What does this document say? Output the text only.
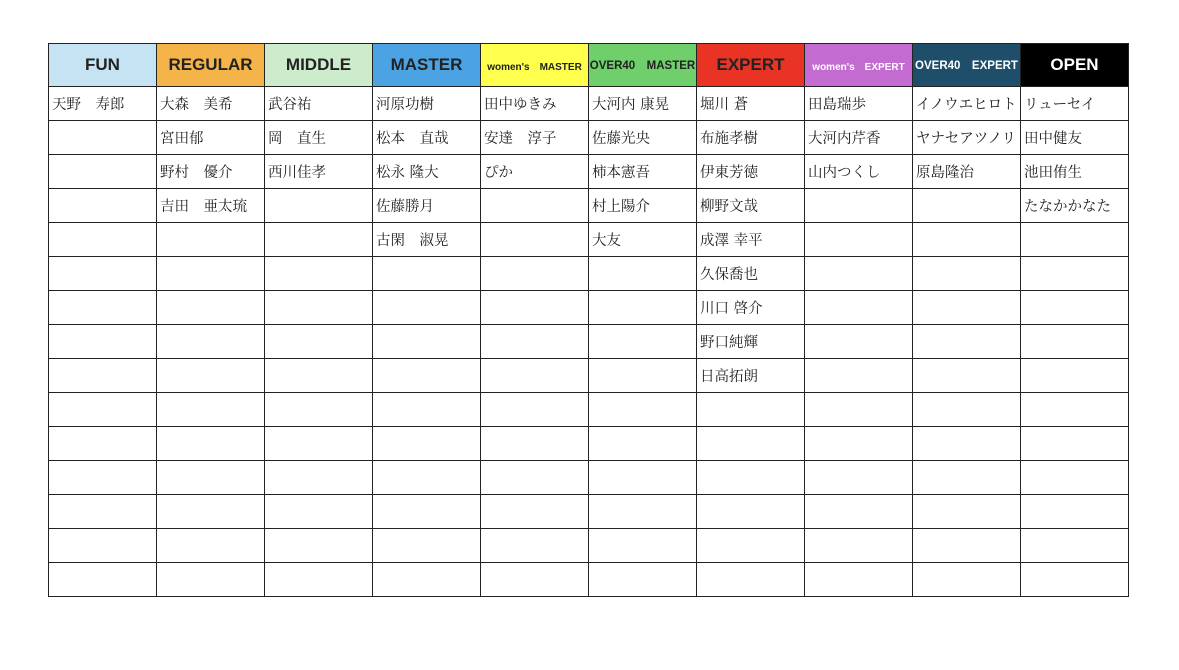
FUN	REGULAR	MIDDLE	MASTER	women's　MASTER	OVER40　MASTER	EXPERT	women's　EXPERT	OVER40　EXPERT	OPEN
天野　寿郎	大森　美希	武谷祐	河原功樹	田中ゆきみ	大河内 康晃	堀川 蒼	田島瑞歩	イノウエヒロト	リューセイ
	宮田郁	岡　直生	松本　直哉	安達　淳子	佐藤光央	布施孝樹	大河内芹香	ヤナセアツノリ	田中健友
	野村　優介	西川佳孝	松永 隆大	ぴか	柿本憲吾	伊東芳徳	山内つくし	原島隆治	池田侑生
	吉田　亜太琉		佐藤勝月		村上陽介	柳野文哉			たなかかなた
			古閑　淑晃		大友	成澤 幸平			
						久保喬也			
						川口 啓介			
						野口純輝			
						日高拓朗			
